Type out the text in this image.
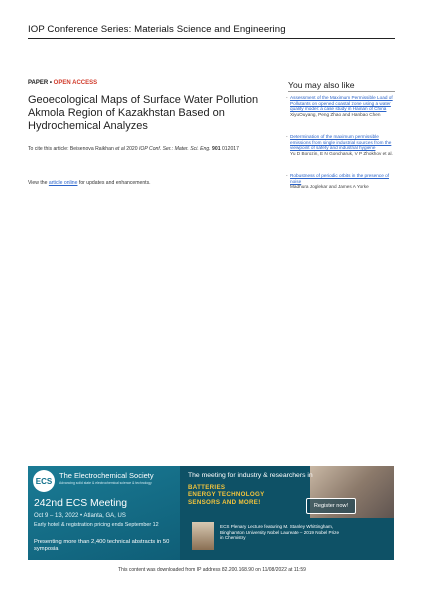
IOP Conference Series: Materials Science and Engineering
You may also like
- Assessment of the Maximum Permissible Load of Pollutants on opened coastal zone using a water quality model: a case study in Hainan of China
XiyuOuyang, Peng Zhao and Hanbao Chen
- Determination of the maximum permissible emissions from single industrial sources from the viewpoint of safety and industrial hygiene
Yu D Borozin, E N Goncharuk, V P Zhokhov et al.
- Robustness of periodic orbits in the presence of noise
Madhura Joglekar and James A Yorke
PAPER • OPEN ACCESS
Geoecological Maps of Surface Water Pollution Akmola Region of Kazakhstan Based on Hydrochemical Analyzes
To cite this article: Beisenova Raikhan et al 2020 IOP Conf. Ser.: Mater. Sci. Eng. 901 012017
View the article online for updates and enhancements.
ECS
The Electrochemical Society
Advancing solid state & electrochemical science & technology
242nd ECS Meeting
Oct 9 – 13, 2022 • Atlanta, GA, US
Early hotel & registration pricing ends September 12
Presenting more than 2,400 technical abstracts in 50 symposia
The meeting for industry & researchers in
BATTERIES
ENERGY TECHNOLOGY
SENSORS AND MORE!
Register now!
ECS Plenary Lecture featuring M. Stanley Whittingham, Binghamton University Nobel Laureate – 2019 Nobel Prize in Chemistry
This content was downloaded from IP address 82.200.168.90 on 11/08/2022 at 11:59
